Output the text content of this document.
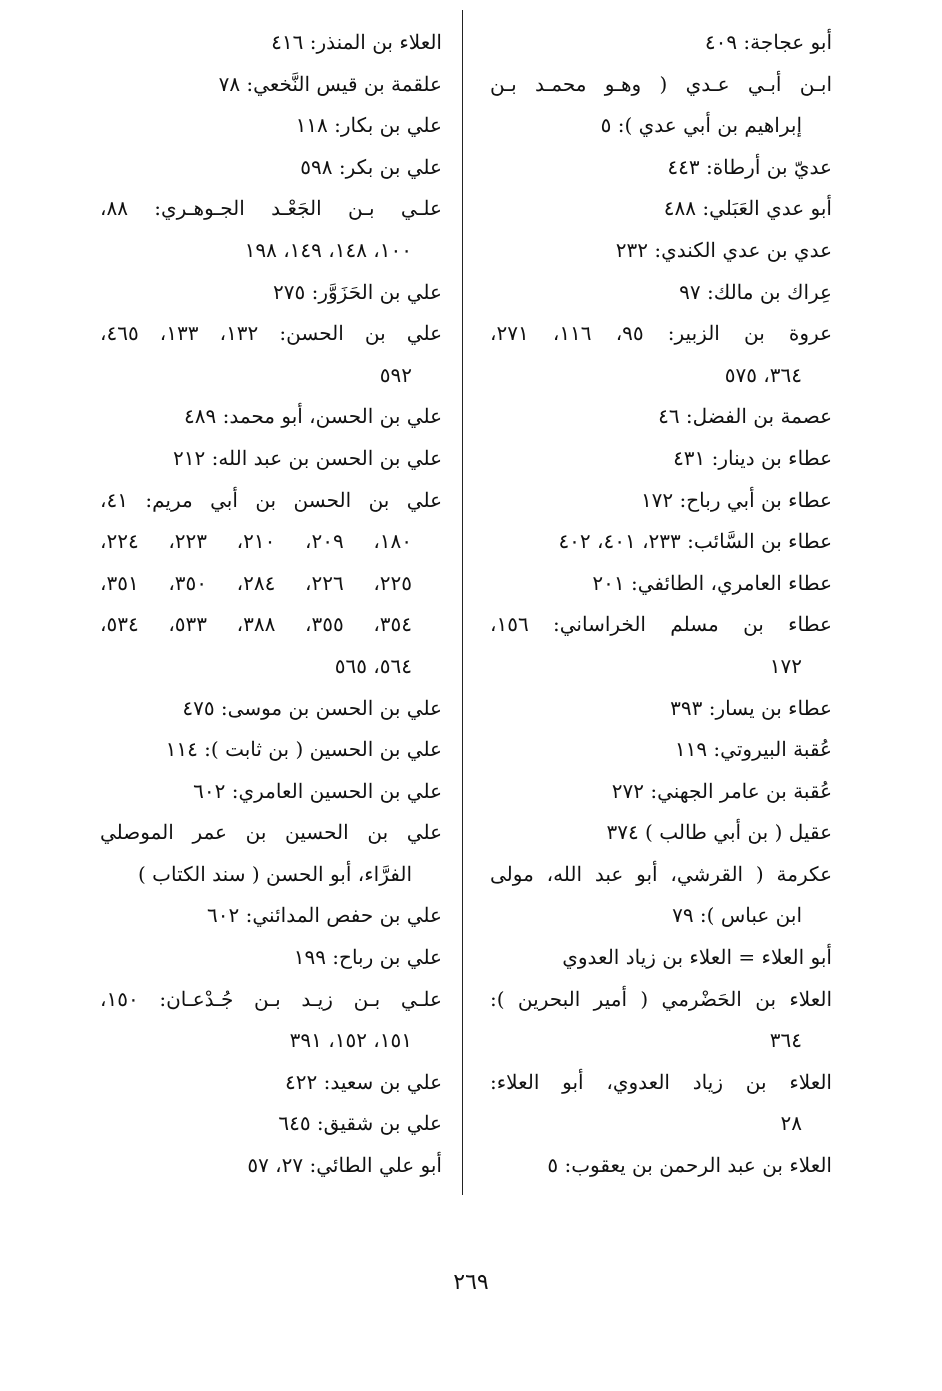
أبو عجاجة: ٤٠٩
ابـن أبـي عـدي ( وهـو محمـد بـن
إبراهيم بن أبي عدي ): ٥
عديّ بن أرطاة: ٤٤٣
أبو عدي العَبَلي: ٤٨٨
عدي بن عدي الكندي: ٢٣٢
عِراك بن مالك: ٩٧
عروة بن الزبير: ٩٥، ١١٦، ٢٧١،
٣٦٤، ٥٧٥
عصمة بن الفضل: ٤٦
عطاء بن دينار: ٤٣١
عطاء بن أبي رباح: ١٧٢
عطاء بن السَّائب: ٢٣٣، ٤٠١، ٤٠٢
عطاء العامري، الطائفي: ٢٠١
عطاء بن مسلم الخراساني: ١٥٦،
١٧٢
عطاء بن يسار: ٣٩٣
عُقبة البيروتي: ١١٩
عُقبة بن عامر الجهني: ٢٧٢
عقيل ( بن أبي طالب ) ٣٧٤
عكرمة ( القرشي، أبو عبد الله، مولى
ابن عباس ): ٧٩
أبو العلاء = العلاء بن زياد العدوي
العلاء بن الحَضْرمي ( أمير البحرين ):
٣٦٤
العلاء بن زياد العدوي، أبو العلاء:
٢٨
العلاء بن عبد الرحمن بن يعقوب: ٥
العلاء بن المنذر: ٤١٦
علقمة بن قيس النَّخعي: ٧٨
علي بن بكار: ١١٨
علي بن بكر: ٥٩٨
علـي بـن الجَعْـد الجـوهـري: ٨٨،
١٠٠، ١٤٨، ١٤٩، ١٩٨
علي بن الحَزَوَّر: ٢٧٥
علي بن الحسن: ١٣٢، ١٣٣، ٤٦٥،
٥٩٢
علي بن الحسن، أبو محمد: ٤٨٩
علي بن الحسن بن عبد الله: ٢١٢
علي بن الحسن بن أبي مريم: ٤١،
١٨٠، ٢٠٩، ٢١٠، ٢٢٣، ٢٢٤،
٢٢٥، ٢٢٦، ٢٨٤، ٣٥٠، ٣٥١،
٣٥٤، ٣٥٥، ٣٨٨، ٥٣٣، ٥٣٤،
٥٦٤، ٥٦٥
علي بن الحسن بن موسى: ٤٧٥
علي بن الحسين ( بن ثابت ): ١١٤
علي بن الحسين العامري: ٦٠٢
علي بن الحسين بن عمر الموصلي
الفرَّاء، أبو الحسن ( سند الكتاب )
علي بن حفص المدائني: ٦٠٢
علي بن رباح: ١٩٩
علـي بـن زيـد بـن جُـدْعـان: ١٥٠،
١٥١، ١٥٢، ٣٩١
علي بن سعيد: ٤٢٢
علي بن شقيق: ٦٤٥
أبو علي الطائي: ٢٧، ٥٧
٢٦٩
